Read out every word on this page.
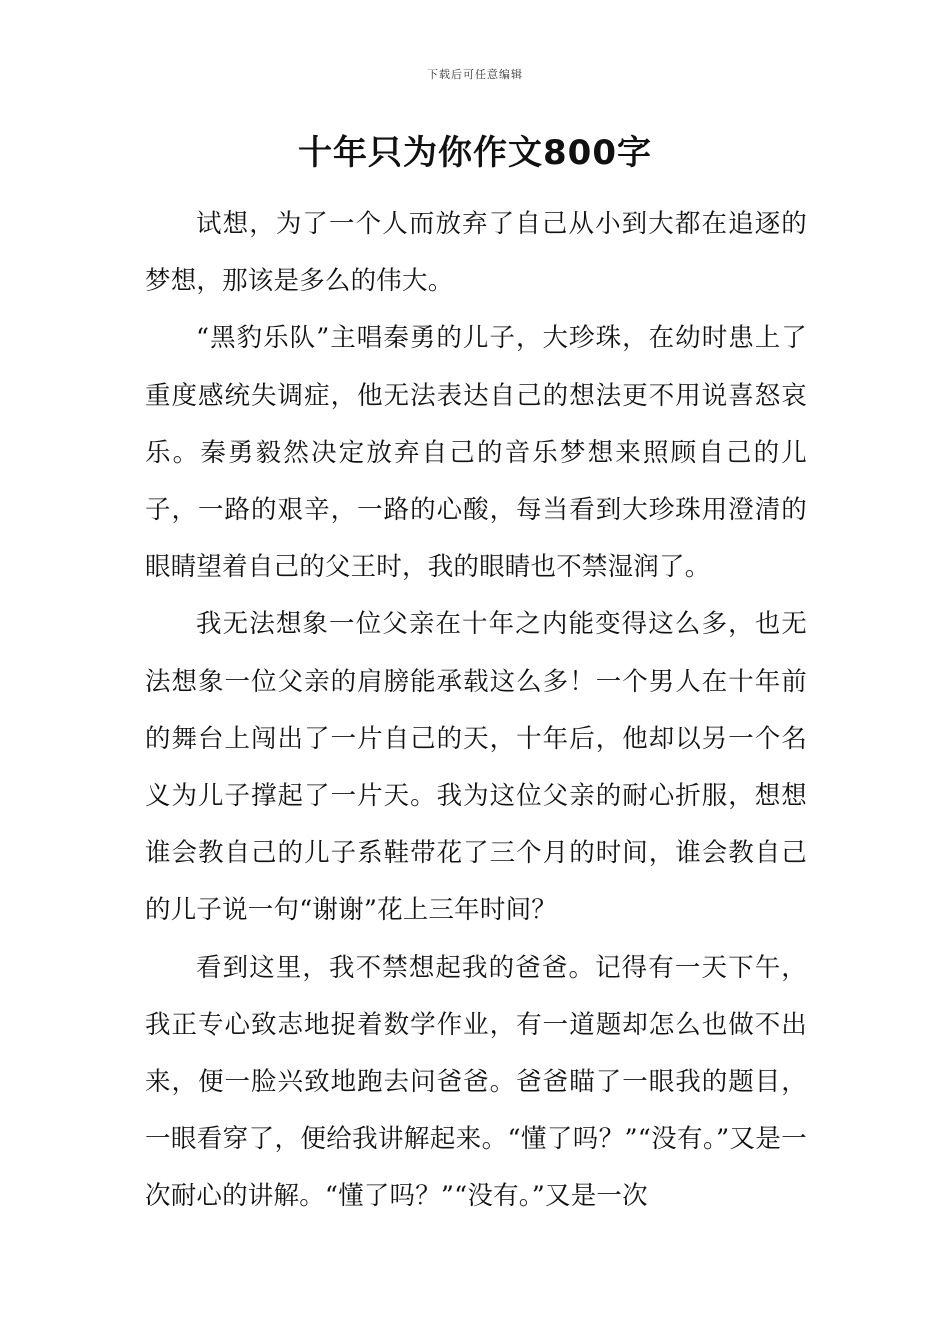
下载后可任意编辑
十年只为你作文800字

试想，为了一个人而放弃了自己从小到大都在追逐的梦想，那该是多么的伟大。

“黑豹乐队”主唱秦勇的儿子，大珍珠，在幼时患上了重度感统失调症，他无法表达自己的想法更不用说喜怒哀乐。秦勇毅然决定放弃自己的音乐梦想来照顾自己的儿子，一路的艰辛，一路的心酸，每当看到大珍珠用澄清的眼睛望着自己的父王时，我的眼睛也不禁湿润了。

我无法想象一位父亲在十年之内能变得这么多，也无法想象一位父亲的肩膀能承载这么多！一个男人在十年前的舞台上闯出了一片自己的天，十年后，他却以另一个名义为儿子撑起了一片天。我为这位父亲的耐心折服，想想谁会教自己的儿子系鞋带花了三个月的时间，谁会教自己的儿子说一句“谢谢”花上三年时间？

看到这里，我不禁想起我的爸爸。记得有一天下午，我正专心致志地捉着数学作业，有一道题却怎么也做不出来，便一脸兴致地跑去问爸爸。爸爸瞄了一眼我的题目，一眼看穿了，便给我讲解起来。“懂了吗？”“没有。”又是一次耐心的讲解。“懂了吗？”“没有。”又是一次
